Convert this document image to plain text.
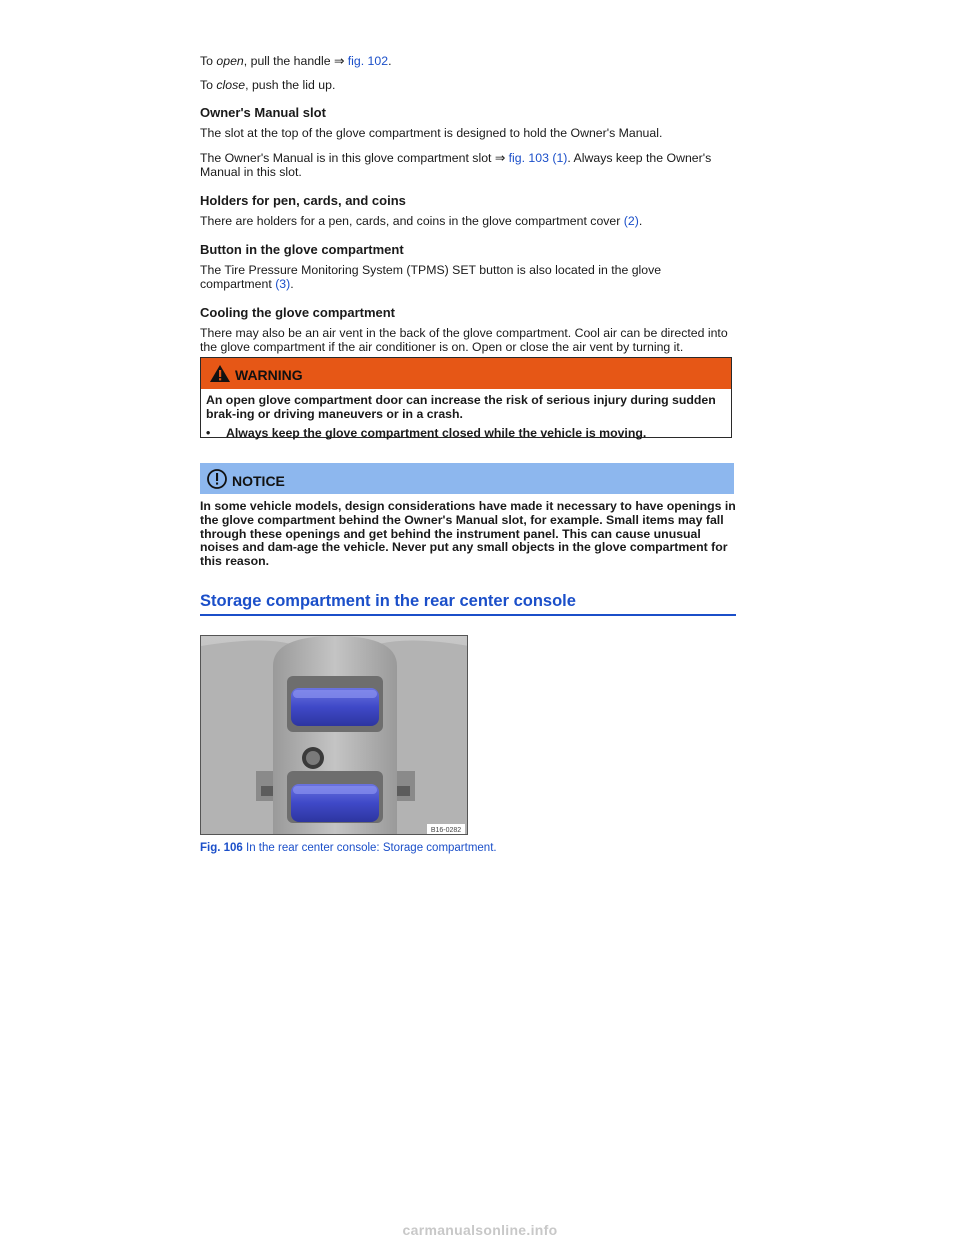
To open, pull the handle ⇒ fig. 102.

To close, push the lid up.

Owner's Manual slot

The slot at the top of the glove compartment is designed to hold the Owner's Manual.

The Owner's Manual is in this glove compartment slot ⇒ fig. 103 (1). Always keep the Owner's Manual in this slot.

Holders for pen, cards, and coins

There are holders for a pen, cards, and coins in the glove compartment cover (2).

Button in the glove compartment

The Tire Pressure Monitoring System (TPMS) SET button is also located in the glove compartment (3).

Cooling the glove compartment

There may also be an air vent in the back of the glove compartment. Cool air can be directed into the glove compartment if the air conditioner is on. Open or close the air vent by turning it.

WARNING
An open glove compartment door can increase the risk of serious injury during sudden brak-ing or driving maneuvers or in a crash.
•	Always keep the glove compartment closed while the vehicle is moving.
NOTICE
In some vehicle models, design considerations have made it necessary to have openings in the glove compartment behind the Owner's Manual slot, for example. Small items may fall through these openings and get behind the instrument panel. This can cause unusual noises and dam-age the vehicle. Never put any small objects in the glove compartment for this reason.
Storage compartment in the rear center console
B16-0282
Fig. 106 In the rear center console: Storage compartment.
carmanualsonline.info
